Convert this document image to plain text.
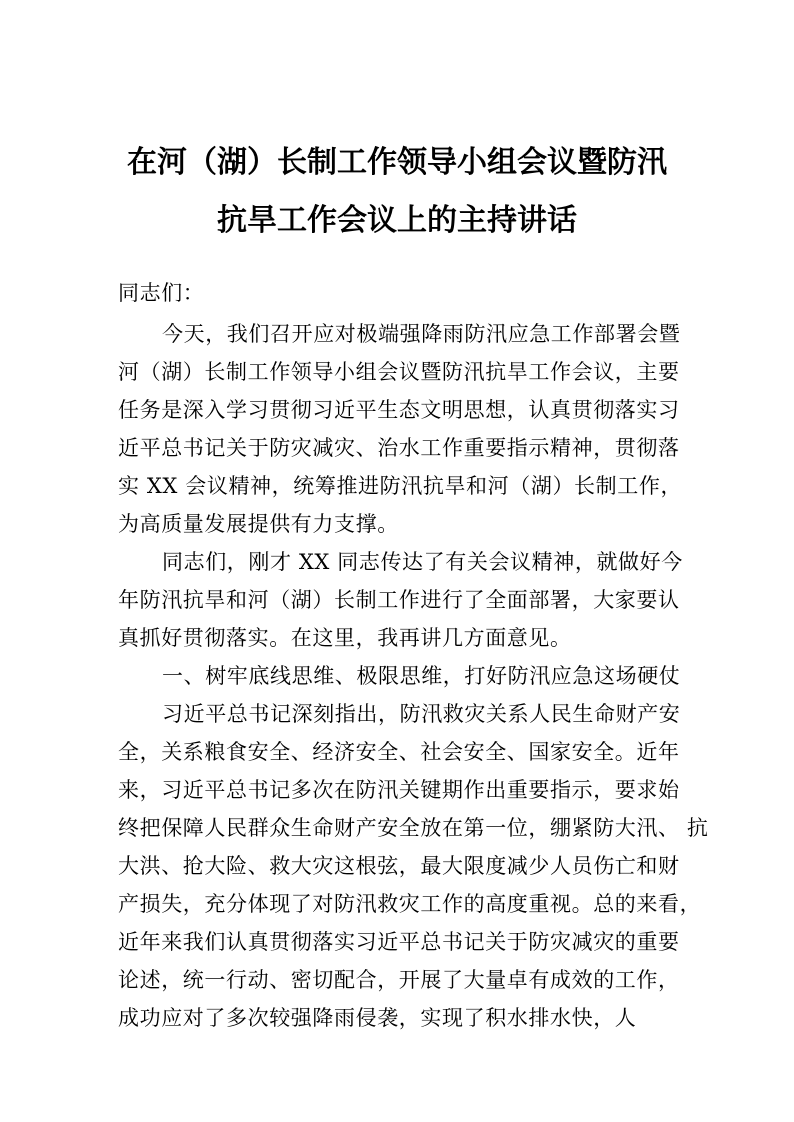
在河（湖）长制工作领导小组会议暨防汛
抗旱工作会议上的主持讲话
同志们：
今天，我们召开应对极端强降雨防汛应急工作部署会暨
河（湖）长制工作领导小组会议暨防汛抗旱工作会议，主要
任务是深入学习贯彻习近平生态文明思想，认真贯彻落实习
近平总书记关于防灾减灾、治水工作重要指示精神，贯彻落
实 XX 会议精神，统筹推进防汛抗旱和河（湖）长制工作，
为高质量发展提供有力支撑。
同志们，刚才 XX 同志传达了有关会议精神，就做好今
年防汛抗旱和河（湖）长制工作进行了全面部署，大家要认
真抓好贯彻落实。在这里，我再讲几方面意见。
一、树牢底线思维、极限思维，打好防汛应急这场硬仗
习近平总书记深刻指出，防汛救灾关系人民生命财产安
全，关系粮食安全、经济安全、社会安全、国家安全。近年
来，习近平总书记多次在防汛关键期作出重要指示，要求始
终把保障人民群众生命财产安全放在第一位，绷紧防大汛、 抗
大洪、抢大险、救大灾这根弦，最大限度减少人员伤亡和财
产损失，充分体现了对防汛救灾工作的高度重视。总的来看，
近年来我们认真贯彻落实习近平总书记关于防灾减灾的重要
论述，统一行动、密切配合，开展了大量卓有成效的工作，
成功应对了多次较强降雨侵袭，实现了积水排水快，人
